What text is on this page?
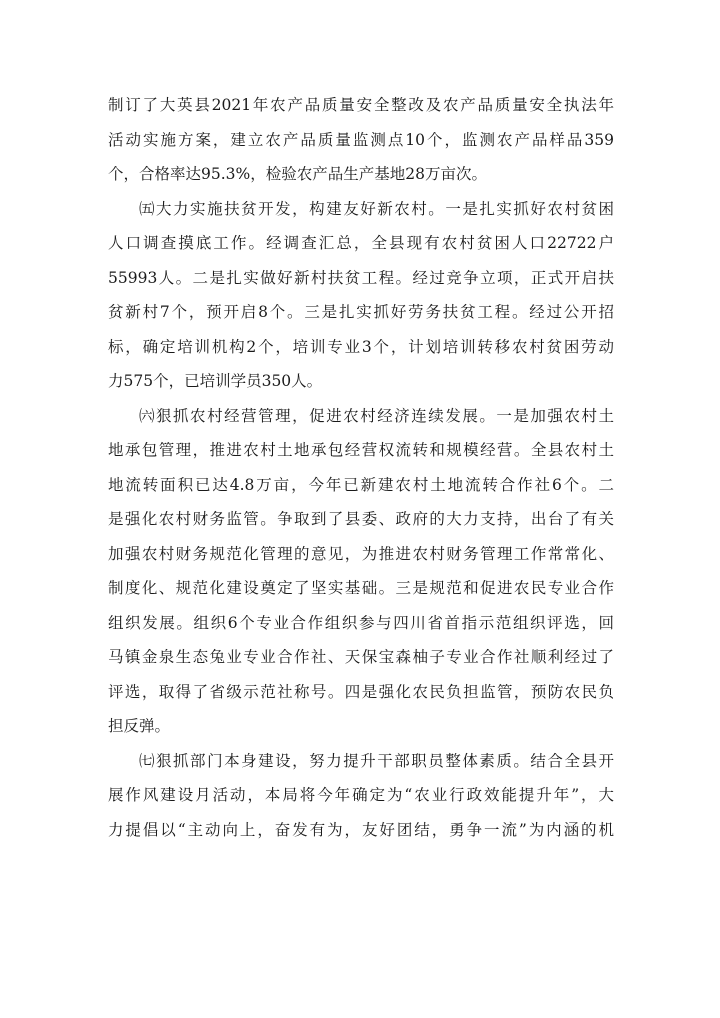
制订了大英县2021年农产品质量安全整改及农产品质量安全执法年
活动实施方案，建立农产品质量监测点10个，监测农产品样品359
个，合格率达95.3%，检验农产品生产基地28万亩次。
㈤大力实施扶贫开发，构建友好新农村。一是扎实抓好农村贫困
人口调查摸底工作。经调查汇总，全县现有农村贫困人口22722户
55993人。二是扎实做好新村扶贫工程。经过竞争立项，正式开启扶
贫新村7个，预开启8个。三是扎实抓好劳务扶贫工程。经过公开招
标，确定培训机构2个，培训专业3个，计划培训转移农村贫困劳动
力575个，已培训学员350人。
㈥狠抓农村经营管理，促进农村经济连续发展。一是加强农村土
地承包管理，推进农村土地承包经营权流转和规模经营。全县农村土
地流转面积已达4.8万亩，今年已新建农村土地流转合作社6个。二
是强化农村财务监管。争取到了县委、政府的大力支持，出台了有关
加强农村财务规范化管理的意见，为推进农村财务管理工作常常化、
制度化、规范化建设奠定了坚实基础。三是规范和促进农民专业合作
组织发展。组织6个专业合作组织参与四川省首指示范组织评选，回
马镇金泉生态兔业专业合作社、天保宝森柚子专业合作社顺利经过了
评选，取得了省级示范社称号。四是强化农民负担监管，预防农民负
担反弹。
㈦狠抓部门本身建设，努力提升干部职员整体素质。结合全县开
展作风建设月活动，本局将今年确定为“农业行政效能提升年”，大
力提倡以“主动向上，奋发有为，友好团结，勇争一流”为内涵的机
